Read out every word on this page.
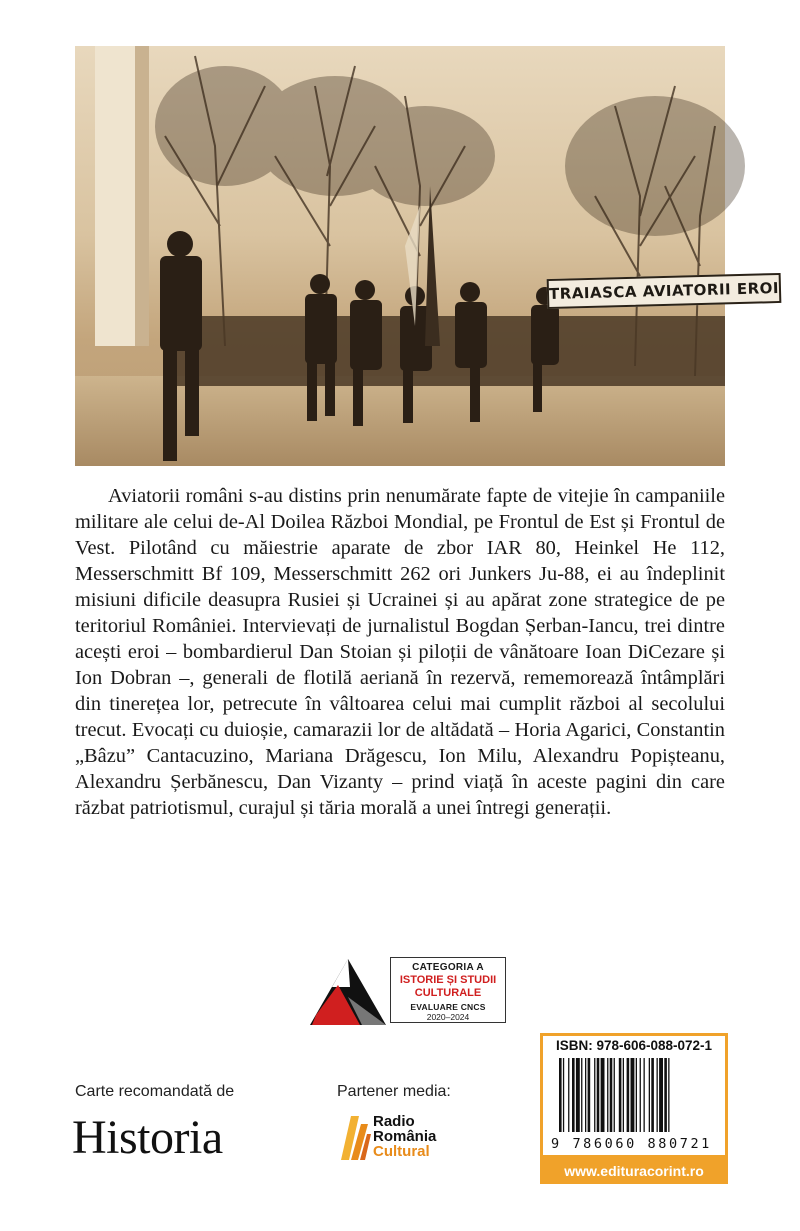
TRAIASCA AVIATORII EROI

Aviatorii români s-au distins prin nenumărate fapte de vitejie în campaniile militare ale celui de-Al Doilea Război Mondial, pe Frontul de Est și Frontul de Vest. Pilotând cu măiestrie aparate de zbor IAR 80, Heinkel He 112, Messerschmitt Bf 109, Messerschmitt 262 ori Junkers Ju-88, ei au îndeplinit misiuni dificile deasupra Rusiei și Ucrainei și au apărat zone strategice de pe teritoriul României. Intervievați de jurnalistul Bogdan Șerban-Iancu, trei dintre acești eroi – bombardierul Dan Stoian și piloții de vânătoare Ioan DiCezare și Ion Dobran –, generali de flotilă aeriană în rezervă, rememorează întâmplări din tinerețea lor, petrecute în vâltoarea celui mai cumplit război al secolului trecut. Evocați cu duioșie, camarazii lor de altădată – Horia Agarici, Constantin „Bâzu” Cantacuzino, Mariana Drăgescu, Ion Milu, Alexandru Popișteanu, Alexandru Șerbănescu, Dan Vizanty – prind viață în aceste pagini din care răzbat patriotismul, curajul și tăria morală a unei întregi generații.

CATEGORIA A
ISTORIE ȘI STUDII
CULTURALE
EVALUARE CNCS
2020–2024
Carte recomandată de
Historia
Partener media:
Radio
România
Cultural
ISBN: 978-606-088-072-1
9 786060 880721
www.edituracorint.ro
